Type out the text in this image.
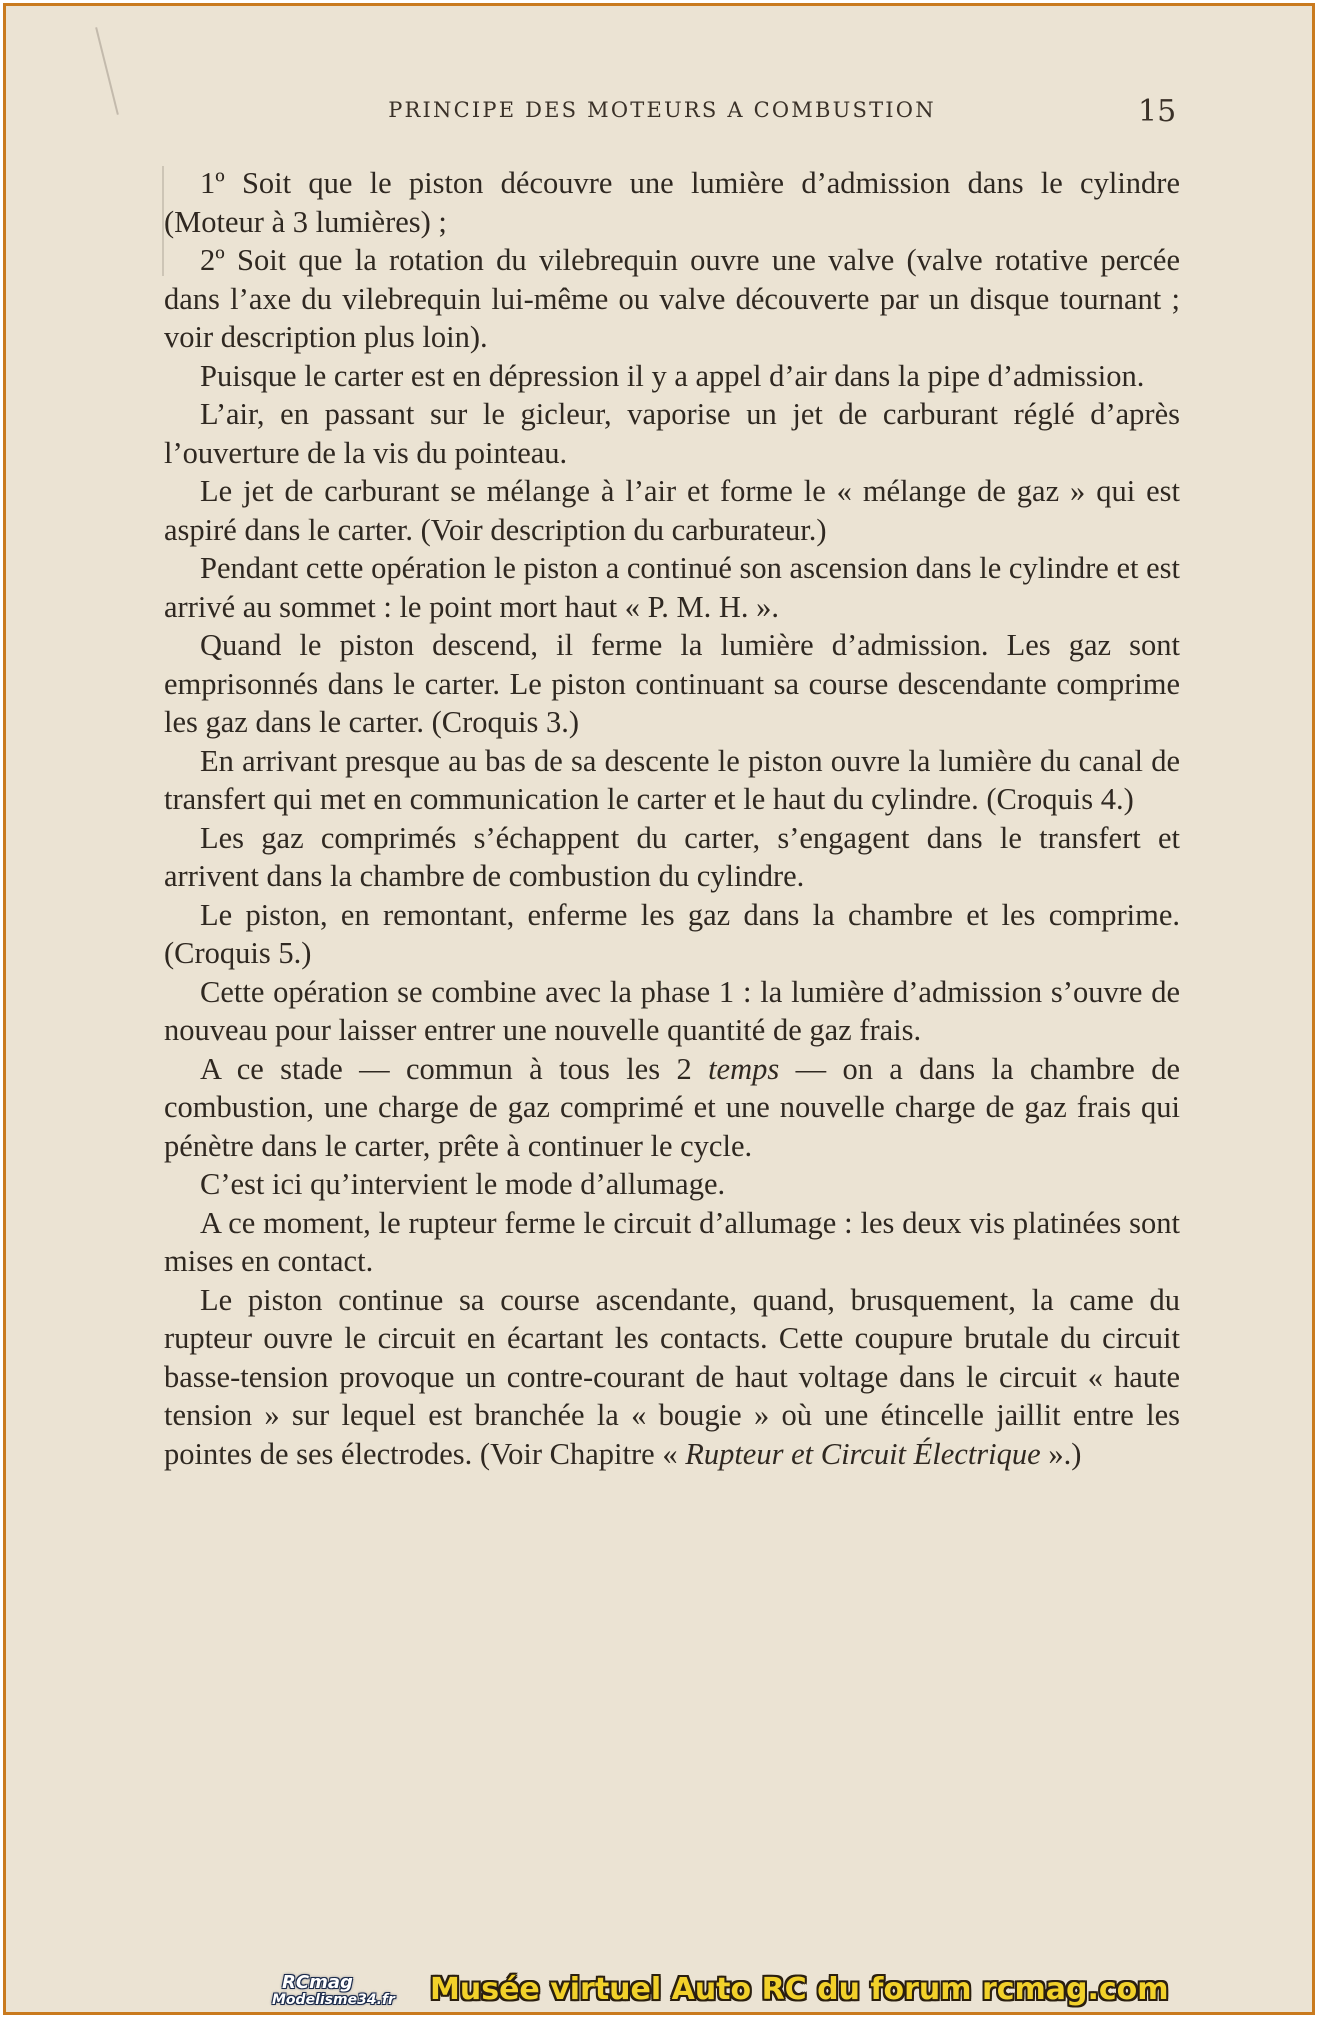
PRINCIPE DES MOTEURS A COMBUSTION	15

1º Soit que le piston découvre une lumière d’admission dans le cylindre (Moteur à 3 lumières) ;

2º Soit que la rotation du vilebrequin ouvre une valve (valve rotative percée dans l’axe du vilebrequin lui-même ou valve découverte par un disque tournant ; voir description plus loin).

Puisque le carter est en dépression il y a appel d’air dans la pipe d’admission.

L’air, en passant sur le gicleur, vaporise un jet de carburant réglé d’après l’ouverture de la vis du pointeau.

Le jet de carburant se mélange à l’air et forme le « mélange de gaz » qui est aspiré dans le carter. (Voir description du carburateur.)

Pendant cette opération le piston a continué son ascension dans le cylindre et est arrivé au sommet : le point mort haut « P. M. H. ».

Quand le piston descend, il ferme la lumière d’admission. Les gaz sont emprisonnés dans le carter. Le piston continuant sa course descendante comprime les gaz dans le carter. (Croquis 3.)

En arrivant presque au bas de sa descente le piston ouvre la lumière du canal de transfert qui met en communication le carter et le haut du cylindre. (Croquis 4.)

Les gaz comprimés s’échappent du carter, s’engagent dans le transfert et arrivent dans la chambre de combustion du cylindre.

Le piston, en remontant, enferme les gaz dans la chambre et les comprime. (Croquis 5.)

Cette opération se combine avec la phase 1 : la lumière d’admission s’ouvre de nouveau pour laisser entrer une nouvelle quantité de gaz frais.

A ce stade — commun à tous les 2 temps — on a dans la chambre de combustion, une charge de gaz comprimé et une nouvelle charge de gaz frais qui pénètre dans le carter, prête à continuer le cycle.

C’est ici qu’intervient le mode d’allumage.

A ce moment, le rupteur ferme le circuit d’allumage : les deux vis platinées sont mises en contact.

Le piston continue sa course ascendante, quand, brusquement, la came du rupteur ouvre le circuit en écartant les contacts. Cette coupure brutale du circuit basse-tension provoque un contre-courant de haut voltage dans le circuit « haute tension » sur lequel est branchée la « bougie » où une étincelle jaillit entre les pointes de ses électrodes. (Voir Chapitre « Rupteur et Circuit Électrique ».)

RCmag
Modelisme34.fr Musée virtuel Auto RC du forum rcmag.com
